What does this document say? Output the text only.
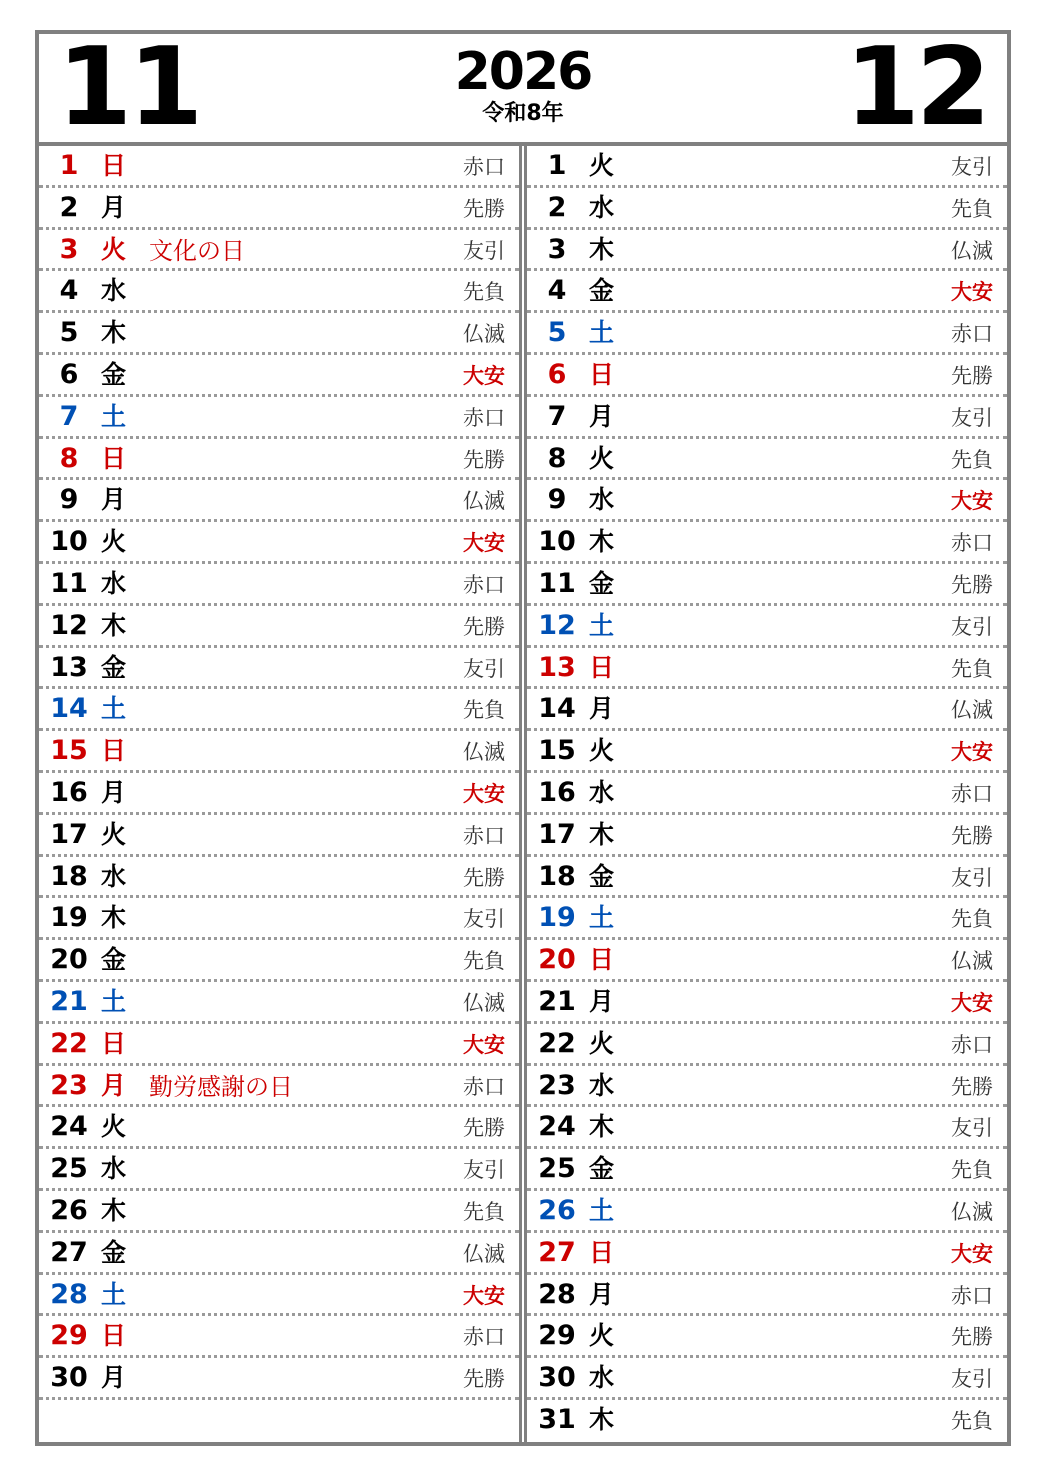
11	2026
令和8年	12
1 日	赤口
2 月	先勝
3 火 文化の日	友引
4 水	先負
5 木	仏滅
6 金	大安
7 土	赤口
8 日	先勝
9 月	仏滅
10 火	大安
11 水	赤口
12 木	先勝
13 金	友引
14 土	先負
15 日	仏滅
16 月	大安
17 火	赤口
18 水	先勝
19 木	友引
20 金	先負
21 土	仏滅
22 日	大安
23 月 勤労感謝の日	赤口
24 火	先勝
25 水	友引
26 木	先負
27 金	仏滅
28 土	大安
29 日	赤口
30 月	先勝
1 火	友引
2 水	先負
3 木	仏滅
4 金	大安
5 土	赤口
6 日	先勝
7 月	友引
8 火	先負
9 水	大安
10 木	赤口
11 金	先勝
12 土	友引
13 日	先負
14 月	仏滅
15 火	大安
16 水	赤口
17 木	先勝
18 金	友引
19 土	先負
20 日	仏滅
21 月	大安
22 火	赤口
23 水	先勝
24 木	友引
25 金	先負
26 土	仏滅
27 日	大安
28 月	赤口
29 火	先勝
30 水	友引
31 木	先負
